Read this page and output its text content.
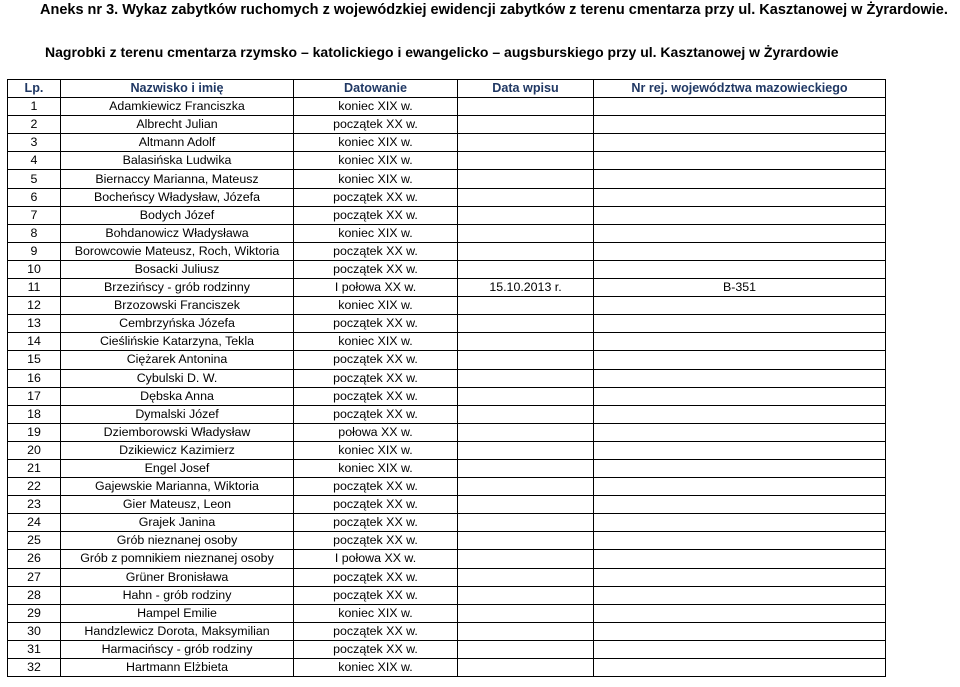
Aneks nr 3. Wykaz zabytków ruchomych z wojewódzkiej ewidencji zabytków z terenu cmentarza przy ul. Kasztanowej w Żyrardowie.
Nagrobki z terenu cmentarza rzymsko – katolickiego i ewangelicko – augsburskiego przy ul. Kasztanowej w Żyrardowie
Lp.	Nazwisko i imię	Datowanie	Data wpisu	Nr rej. województwa mazowieckiego
1	Adamkiewicz Franciszka	koniec XIX w.		
2	Albrecht Julian	początek XX w.		
3	Altmann Adolf	koniec XIX w.		
4	Balasińska Ludwika	koniec XIX w.		
5	Biernaccy Marianna, Mateusz	koniec XIX w.		
6	Bocheńscy Władysław, Józefa	początek XX w.		
7	Bodych Józef	początek XX w.		
8	Bohdanowicz Władysława	koniec XIX w.		
9	Borowcowie Mateusz, Roch, Wiktoria	początek XX w.		
10	Bosacki Juliusz	początek XX w.		
11	Brzezińscy - grób rodzinny	I połowa XX w.	15.10.2013 r.	B-351
12	Brzozowski Franciszek	koniec XIX w.		
13	Cembrzyńska Józefa	początek XX w.		
14	Cieślińskie Katarzyna, Tekla	koniec XIX w.		
15	Ciężarek Antonina	początek XX w.		
16	Cybulski D. W.	początek XX w.		
17	Dębska Anna	początek XX w.		
18	Dymalski Józef	początek XX w.		
19	Dziemborowski Władysław	połowa XX w.		
20	Dzikiewicz Kazimierz	koniec XIX w.		
21	Engel Josef	koniec XIX w.		
22	Gajewskie Marianna, Wiktoria	początek XX w.		
23	Gier Mateusz, Leon	początek XX w.		
24	Grajek Janina	początek XX w.		
25	Grób nieznanej osoby	początek XX w.		
26	Grób z pomnikiem nieznanej osoby	I połowa XX w.		
27	Grüner Bronisława	początek XX w.		
28	Hahn - grób rodziny	początek XX w.		
29	Hampel Emilie	koniec XIX w.		
30	Handzlewicz Dorota, Maksymilian	początek XX w.		
31	Harmacińscy - grób rodziny	początek XX w.		
32	Hartmann Elżbieta	koniec XIX w.		
